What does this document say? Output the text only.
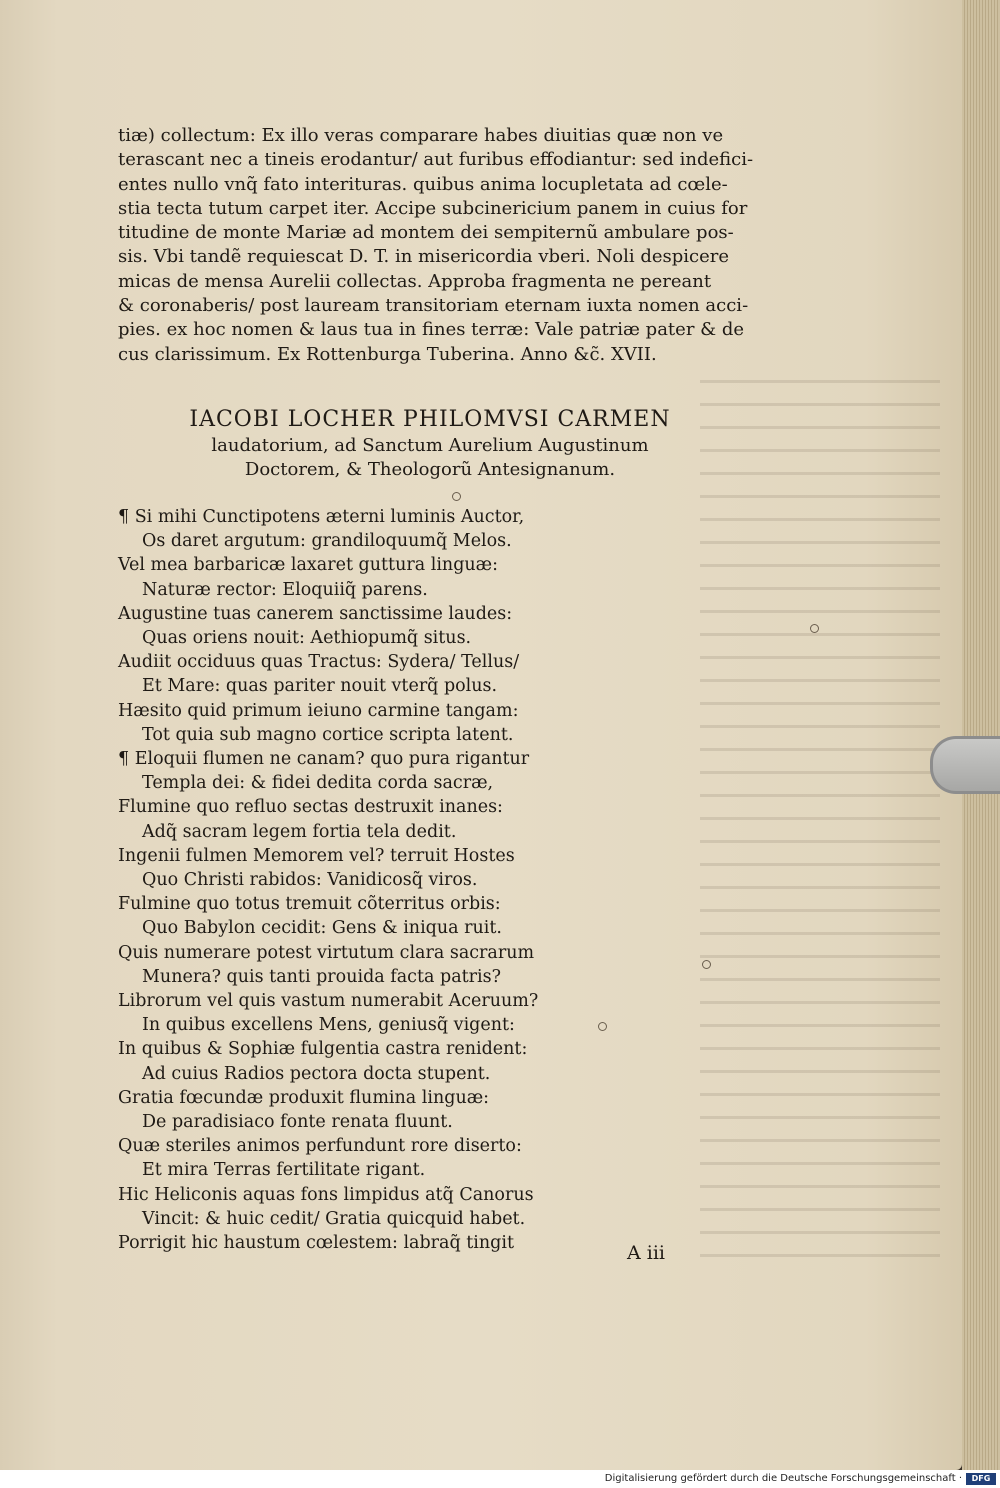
tiæ) collectum: Ex illo veras comparare habes diuitias quæ non ve
terascant nec a tineis erodantur/ aut furibus effodiantur: sed indefici-
entes nullo vnq̃ fato interituras. quibus anima locupletata ad cœle-
stia tecta tutum carpet iter. Accipe subcinericium panem in cuius for
titudine de monte Mariæ ad montem dei sempiternũ ambulare pos-
sis. Vbi tandẽ requiescat D. T. in misericordia vberi. Noli despicere
micas de mensa Aurelii collectas. Approba fragmenta ne pereant
& coronaberis/ post lauream transitoriam eternam iuxta nomen acci-
pies. ex hoc nomen & laus tua in fines terræ: Vale patriæ pater & de
cus clarissimum. Ex Rottenburga Tuberina. Anno &c̃. XVII.
IACOBI LOCHER PHILOMVSI CARMEN
laudatorium, ad Sanctum Aurelium Augustinum
Doctorem, & Theologorũ Antesignanum.
¶ Si mihi Cunctipotens æterni luminis Auctor,
Os daret argutum: grandiloquumq̃ Melos.
Vel mea barbaricæ laxaret guttura linguæ:
Naturæ rector: Eloquiiq̃ parens.
Augustine tuas canerem sanctissime laudes:
Quas oriens nouit: Aethiopumq̃ situs.
Audiit occiduus quas Tractus: Sydera/ Tellus/
Et Mare: quas pariter nouit vterq̃ polus.
Hæsito quid primum ieiuno carmine tangam:
Tot quia sub magno cortice scripta latent.
¶ Eloquii flumen ne canam? quo pura rigantur
Templa dei: & fidei dedita corda sacræ,
Flumine quo refluo sectas destruxit inanes:
Adq̃ sacram legem fortia tela dedit.
Ingenii fulmen Memorem vel? terruit Hostes
Quo Christi rabidos: Vanidicosq̃ viros.
Fulmine quo totus tremuit cõterritus orbis:
Quo Babylon cecidit: Gens & iniqua ruit.
Quis numerare potest virtutum clara sacrarum
Munera? quis tanti prouida facta patris?
Librorum vel quis vastum numerabit Aceruum?
In quibus excellens Mens, geniusq̃ vigent:
In quibus & Sophiæ fulgentia castra renident:
Ad cuius Radios pectora docta stupent.
Gratia fœcundæ produxit flumina linguæ:
De paradisiaco fonte renata fluunt.
Quæ steriles animos perfundunt rore diserto:
Et mira Terras fertilitate rigant.
Hic Heliconis aquas fons limpidus atq̃ Canorus
Vincit: & huic cedit/ Gratia quicquid habet.
Porrigit hic haustum cœlestem: labraq̃ tingit	A iii
Digitalisierung gefördert durch die Deutsche Forschungsgemeinschaft ·	DFG
